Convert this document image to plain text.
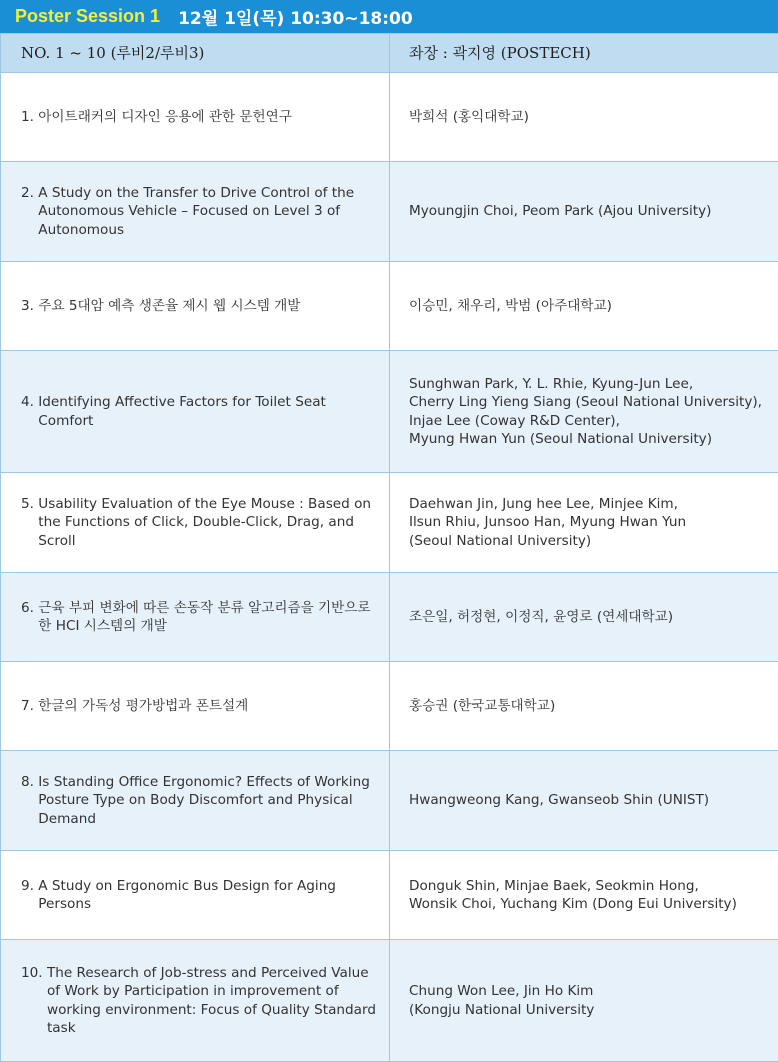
Poster Session 1 12월 1일(목) 10:30~18:00
NO. 1 ~ 10 (루비2/루비3)	좌장 : 곽지영 (POSTECH)

1. 아이트래커의 디자인 응용에 관한 문헌연구	박희석 (홍익대학교)

2. A Study on the Transfer to Drive Control of the Autonomous Vehicle – Focused on Level 3 of Autonomous	Myoungjin Choi, Peom Park (Ajou University)

3. 주요 5대암 예측 생존율 제시 웹 시스템 개발	이승민, 채우리, 박범 (아주대학교)

4. Identifying Affective Factors for Toilet Seat Comfort	Sunghwan Park, Y. L. Rhie, Kyung-Jun Lee,
Cherry Ling Yieng Siang (Seoul National University),
Injae Lee (Coway R&D Center),
Myung Hwan Yun (Seoul National University)

5. Usability Evaluation of the Eye Mouse : Based on the Functions of Click, Double-Click, Drag, and Scroll	Daehwan Jin, Jung hee Lee, Minjee Kim,
Ilsun Rhiu, Junsoo Han, Myung Hwan Yun
(Seoul National University)

6. 근육 부피 변화에 따른 손동작 분류 알고리즘을 기반으로 한 HCI 시스템의 개발	조은일, 허정현, 이정직, 윤영로 (연세대학교)

7. 한글의 가독성 평가방법과 폰트설계	홍승권 (한국교통대학교)

8. Is Standing Office Ergonomic? Effects of Working Posture Type on Body Discomfort and Physical Demand	Hwangweong Kang, Gwanseob Shin (UNIST)

9. A Study on Ergonomic Bus Design for Aging Persons	Donguk Shin, Minjae Baek, Seokmin Hong,
Wonsik Choi, Yuchang Kim (Dong Eui University)

10. The Research of Job-stress and Perceived Value of Work by Participation in improvement of working environment: Focus of Quality Standard task	Chung Won Lee, Jin Ho Kim
(Kongju National University
